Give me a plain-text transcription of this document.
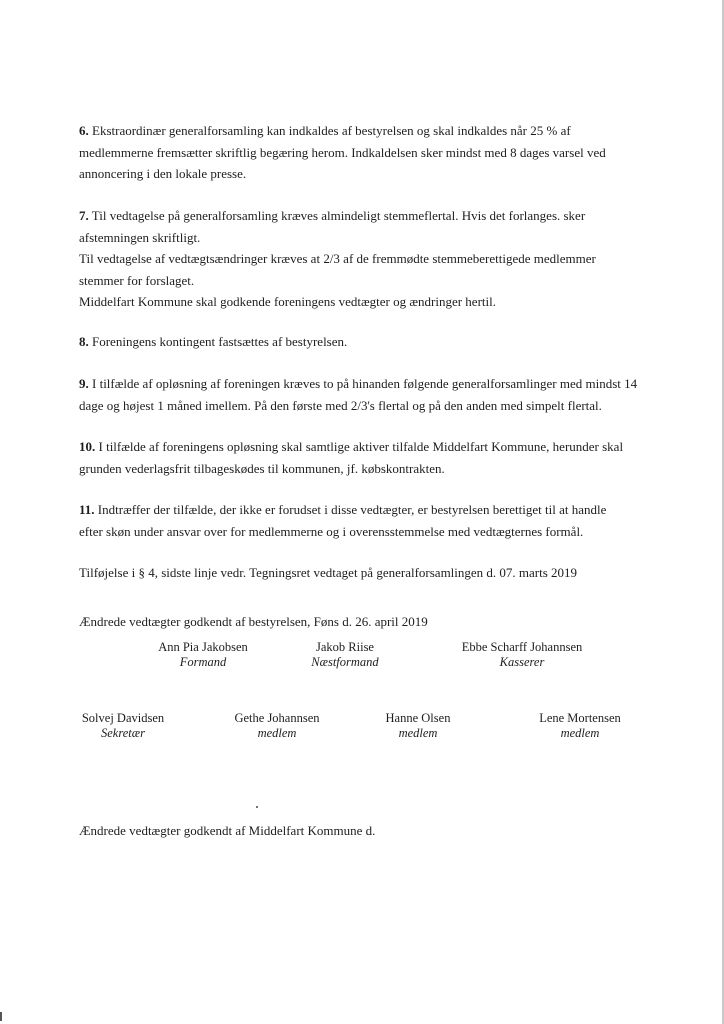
6. Ekstraordinær generalforsamling kan indkaldes af bestyrelsen og skal indkaldes når 25 % af
medlemmerne fremsætter skriftlig begæring herom. Indkaldelsen sker mindst med 8 dages varsel ved
annoncering i den lokale presse.
7. Til vedtagelse på generalforsamling kræves almindeligt stemmeflertal. Hvis det forlanges. sker
afstemningen skriftligt.
Til vedtagelse af vedtægtsændringer kræves at 2/3 af de fremmødte stemmeberettigede medlemmer
stemmer for forslaget.
Middelfart Kommune skal godkende foreningens vedtægter og ændringer hertil.
8. Foreningens kontingent fastsættes af bestyrelsen.
9. I tilfælde af opløsning af foreningen kræves to på hinanden følgende generalforsamlinger med mindst 14
dage og højest 1 måned imellem. På den første med 2/3's flertal og på den anden med simpelt flertal.
10. I tilfælde af foreningens opløsning skal samtlige aktiver tilfalde Middelfart Kommune, herunder skal
grunden vederlagsfrit tilbageskødes til kommunen, jf. købskontrakten.
11. Indtræffer der tilfælde, der ikke er forudset i disse vedtægter, er bestyrelsen berettiget til at handle
efter skøn under ansvar over for medlemmerne og i overensstemmelse med vedtægternes formål.
Tilføjelse i § 4, sidste linje vedr. Tegningsret vedtaget på generalforsamlingen d. 07. marts 2019
Ændrede vedtægter godkendt af bestyrelsen, Føns d. 26. april 2019
Ann Pia Jakobsen
Formand
Jakob Riise
Næstformand
Ebbe Scharff Johannsen
Kasserer
Solvej Davidsen
Sekretær
Gethe Johannsen
medlem
Hanne Olsen
medlem
Lene Mortensen
medlem
Ændrede vedtægter godkendt af Middelfart Kommune d.
